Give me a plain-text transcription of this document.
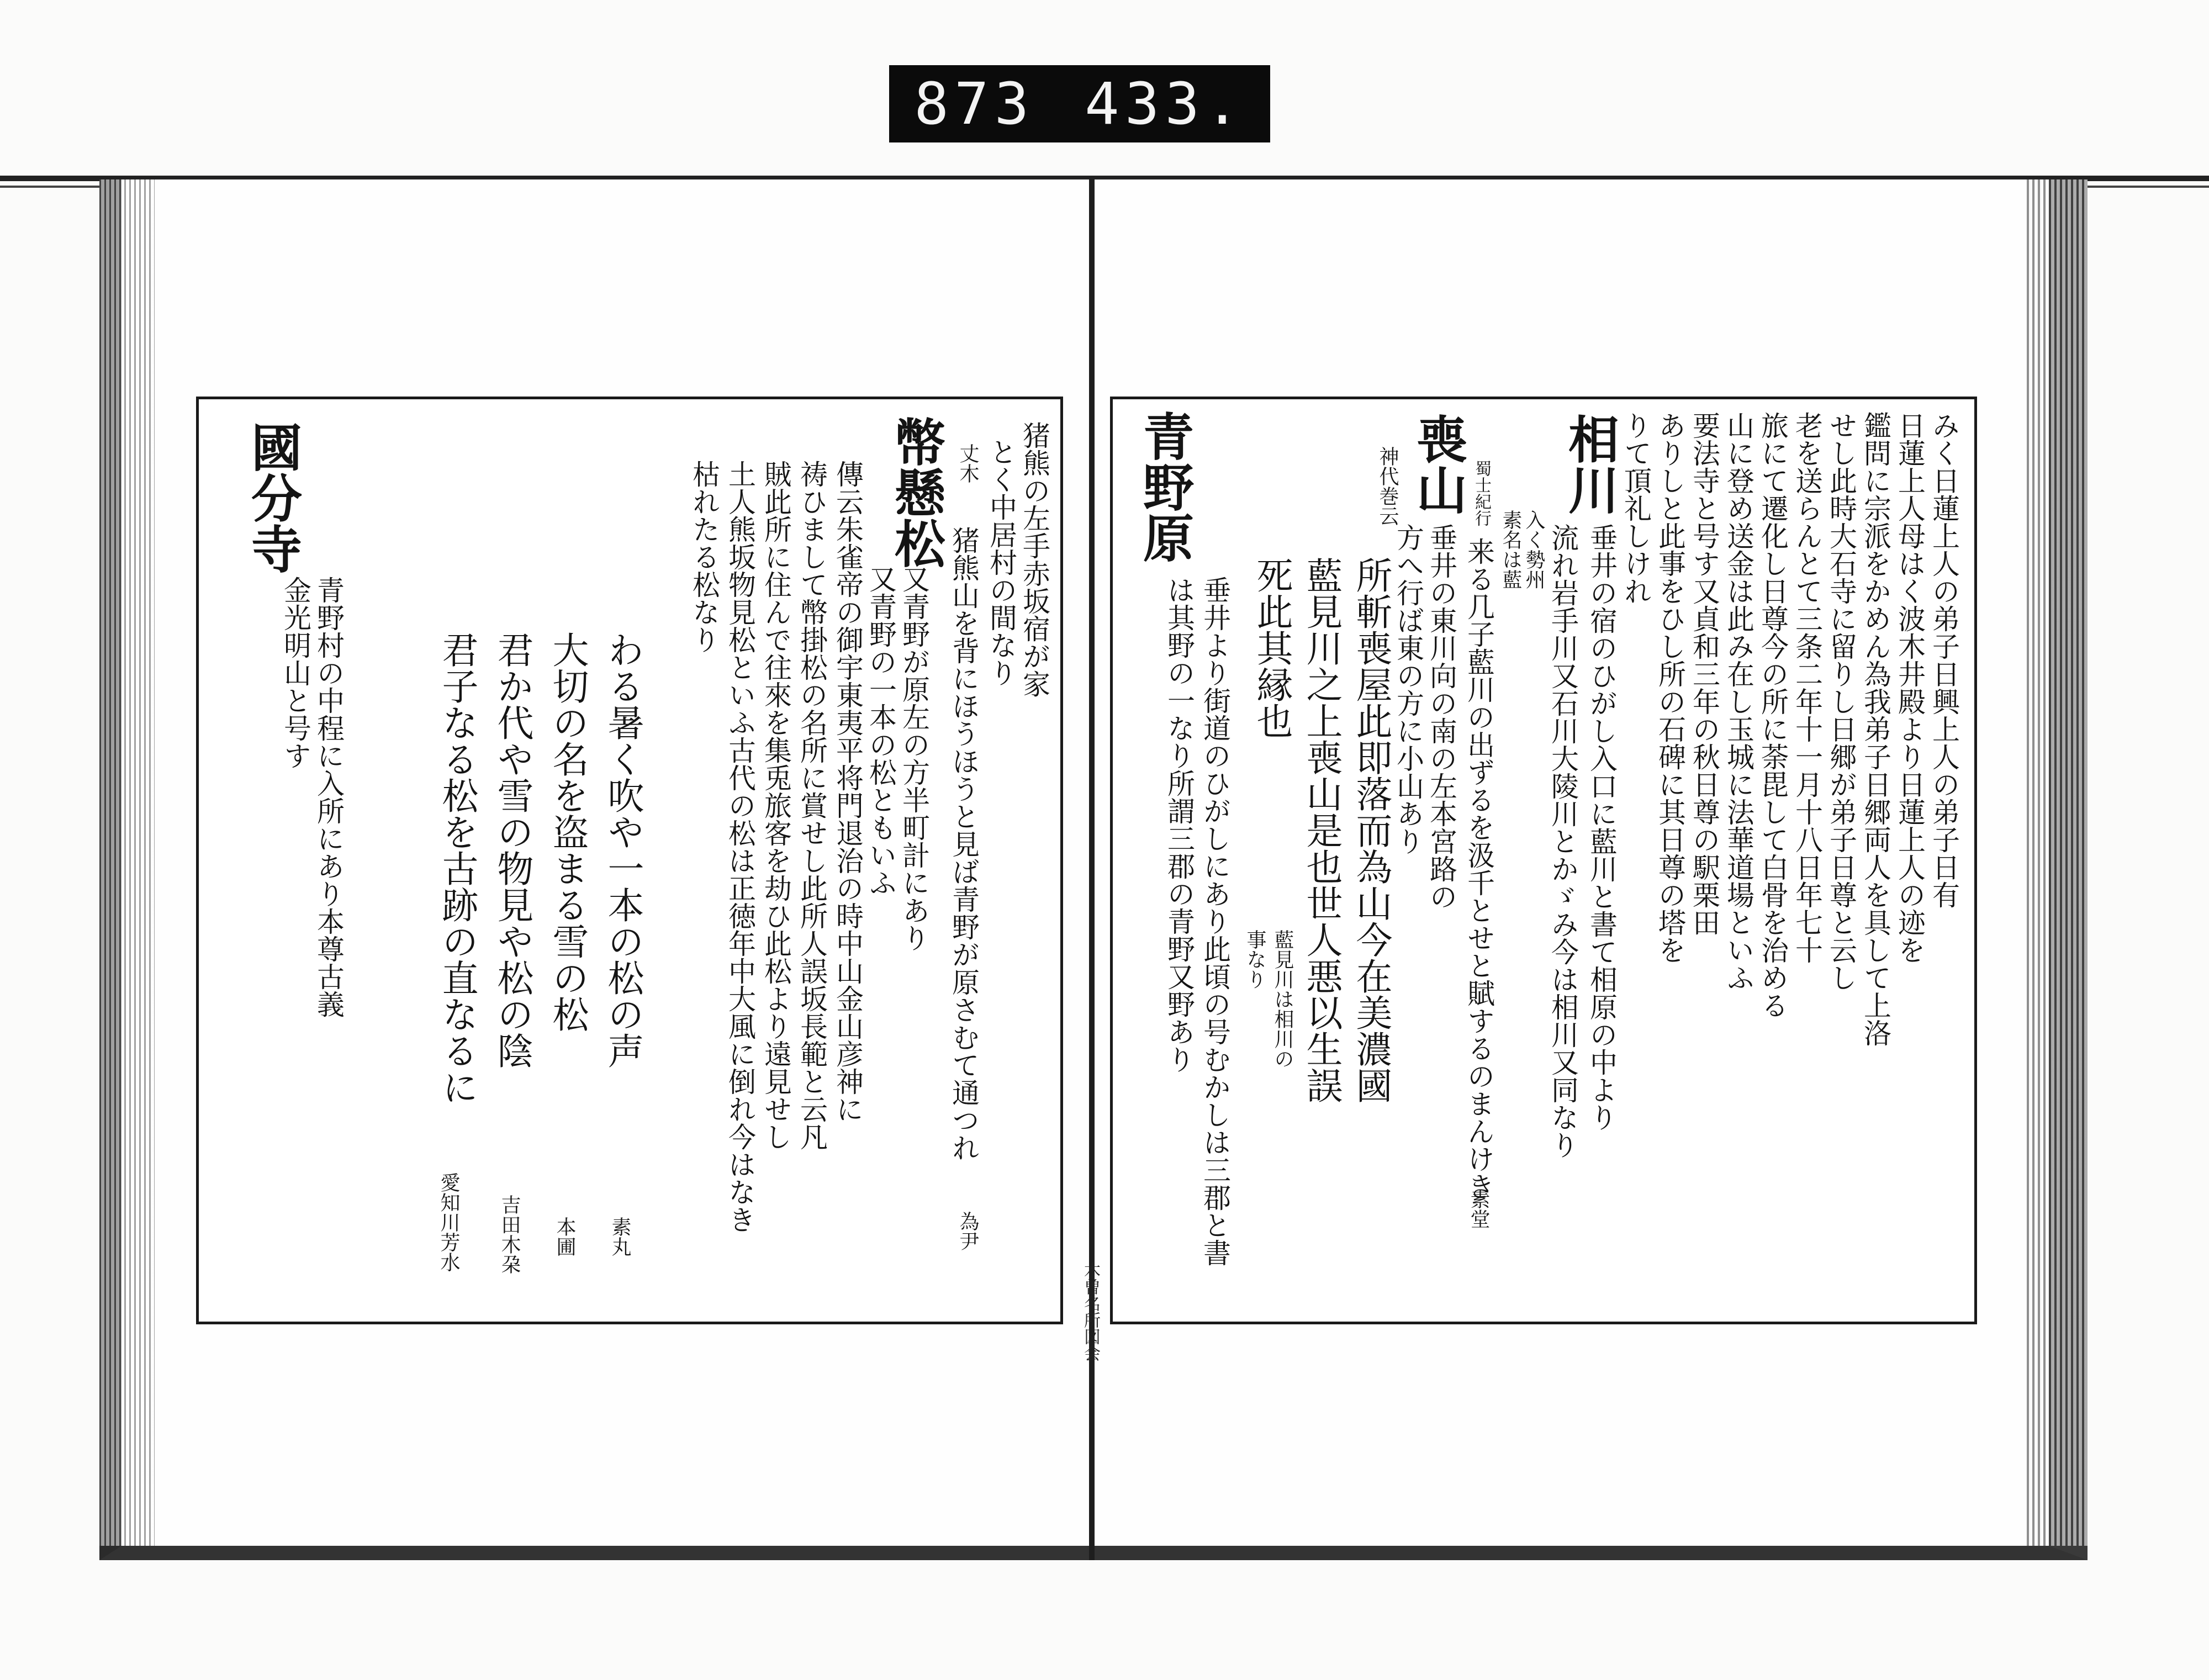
873 433.
木曽名所図会
みく日蓮上人の弟子日興上人の弟子日有
日蓮上人母はく波木井殿より日蓮上人の迹を
鑑問に宗派をかめん為我弟子日郷両人を具して上洛
せし此時大石寺に留りし日郷が弟子日尊と云し
老を送らんとて三条二年十一月十八日年七十
旅にて遷化し日尊今の所に荼毘して白骨を治める
山に登め送金は此み在し玉城に法華道場といふ
要法寺と号す又貞和三年の秋日尊の駅栗田
ありしと此事をひし所の石碑に其日尊の塔を
りて頂礼しけれ
相川
垂井の宿のひがし入口に藍川と書て相原の中より
流れ岩手川又石川大陵川とかゞみ今は相川又同なり
入く勢州
素名は藍
蜀士紀行
来る几子藍川の出ずるを汲千とせと賦するのまんけき
素堂
喪山
垂井の東川向の南の左本宮路の
方へ行ば東の方に小山あり
神代巻云
所斬喪屋此即落而為山今在美濃國
藍見川之上喪山是也世人悪以生誤
死此其縁也
藍見川は相川の
事なり
青野原
垂井より街道のひがしにあり此頃の号むかしは三郡と書
は其野の一なり所謂三郡の青野又野あり
猪熊の左手赤坂宿が家
とく中居村の間なり
丈木
猪熊山を背にほうほうと見ば青野が原さむて通つれ
為尹
幣懸松
又青野が原左の方半町計にあり
又青野の一本の松ともいふ
傳云朱雀帝の御宇東夷平将門退治の時中山金山彦神に
祷ひまして幣掛松の名所に賞せし此所人誤坂長範と云凡
賊此所に住んで往來を集兎旅客を劫ひ此松より遠見せし
土人熊坂物見松といふ古代の松は正徳年中大風に倒れ今はなき
枯れたる松なり
わる暑く吹や一本の松の声
素丸
大切の名を盗まる雪の松
本圃
君か代や雪の物見や松の陰
吉田木朶
君子なる松を古跡の直なるに
愛知川芳水
國分寺
青野村の中程に入所にあり本尊古義
金光明山と号す
